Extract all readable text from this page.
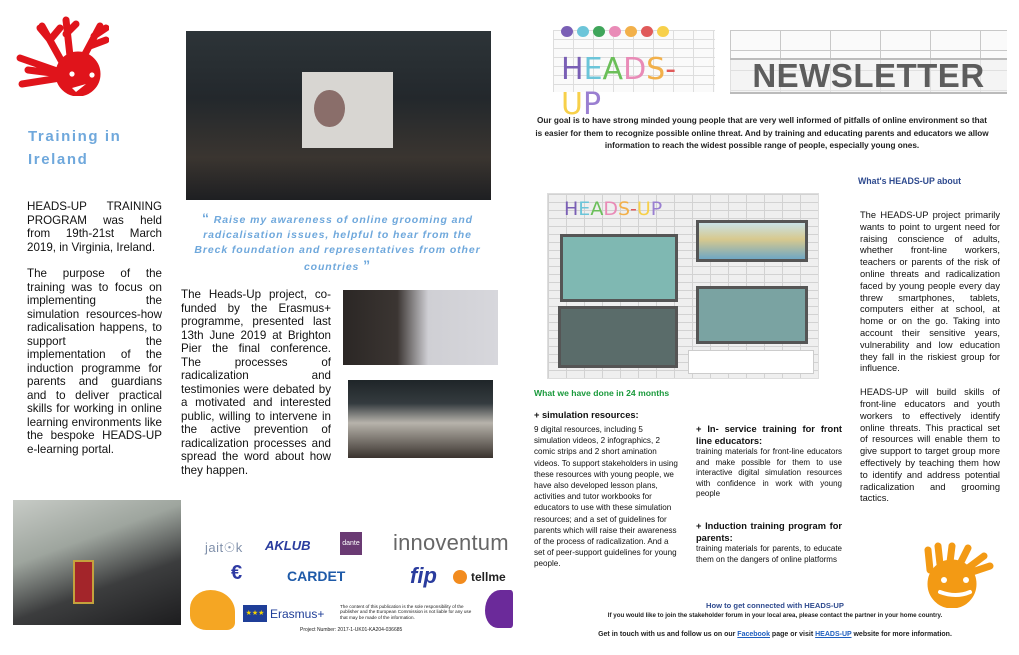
Training in Ireland

HEADS-UP TRAINING PROGRAM was held from 19th-21st March 2019, in Virginia, Ireland.

The purpose of the training was to focus on implementing the simulation resources-how radicalisation happens, to support the implementation of the induction programme for parents and guardians and to deliver practical skills for working in online learning environments like the bespoke HEADS-UP e-learning portal.

“ Raise my awareness of online grooming and radicalisation issues, helpful to hear from the Breck foundation and representatives from other countries ”
The Heads-Up project, co-funded by the Erasmus+ programme, presented last 13th June 2019 at Brighton Pier the final conference. The processes of radicalization and testimonies were debated by a motivated and interested public, willing to intervene in the active prevention of radicalization processes and spread the word about how they happen.
jait☉k AKLUB	dante innoventum
€	CARDET	fip	tellme
★★★ Erasmus+
The content of this publication is the sole responsibility of the publisher and the European Commission is not liable for any use that may be made of the information.
Project Number: 2017-1-UK01-KA204-036685
HEADS-UP
NEWSLETTER
Our goal is to have strong minded young people that are very well informed of pitfalls of online environment so that is easier for them to recognize possible online threat. And by training and educating parents and educators we allow information to reach the widest possible range of people, especially young ones.
HEADS-UP
What's HEADS-UP about

The HEADS-UP project primarily wants to point to urgent need for raising conscience of adults, whether front-line workers, teachers or parents of the risk of online threats and radicalization faced by young people every day threw smartphones, tablets, computers either at school, at home or on the go. Taking into account their sensitive years, vulnerability and low education they fall in the riskiest group for influence.

HEADS-UP will build skills of front-line educators and youth workers to effectively identify online threats. This practical set of resources will enable them to give support to target group more effectively by teaching them how to identify and address potential radicalization and grooming tactics.

What we have done in 24 months
+ simulation resources:
9 digital resources, including 5 simulation videos, 2 infographics, 2 comic strips and 2 short amination videos. To support stakeholders in using these resources with young people, we have also developed lesson plans, activities and tutor workbooks for educators to use with these simulation resources; and a set of guidelines for parents which will raise their awareness of the process of radicalization. And a set of peer-support guidelines for young people.
+ In- service training for front line educators:
training materials for front-line educators and make possible for them to use interactive digital simulation resources with confidence in work with young people
+ Induction training program for parents:
training materials for parents, to educate them on the dangers of online platforms
How to get connected with HEADS-UP
If you would like to join the stakeholder forum in your local area, please contact the partner in your home country.
Get in touch with us and follow us on our Facebook page or visit HEADS-UP website for more information.
